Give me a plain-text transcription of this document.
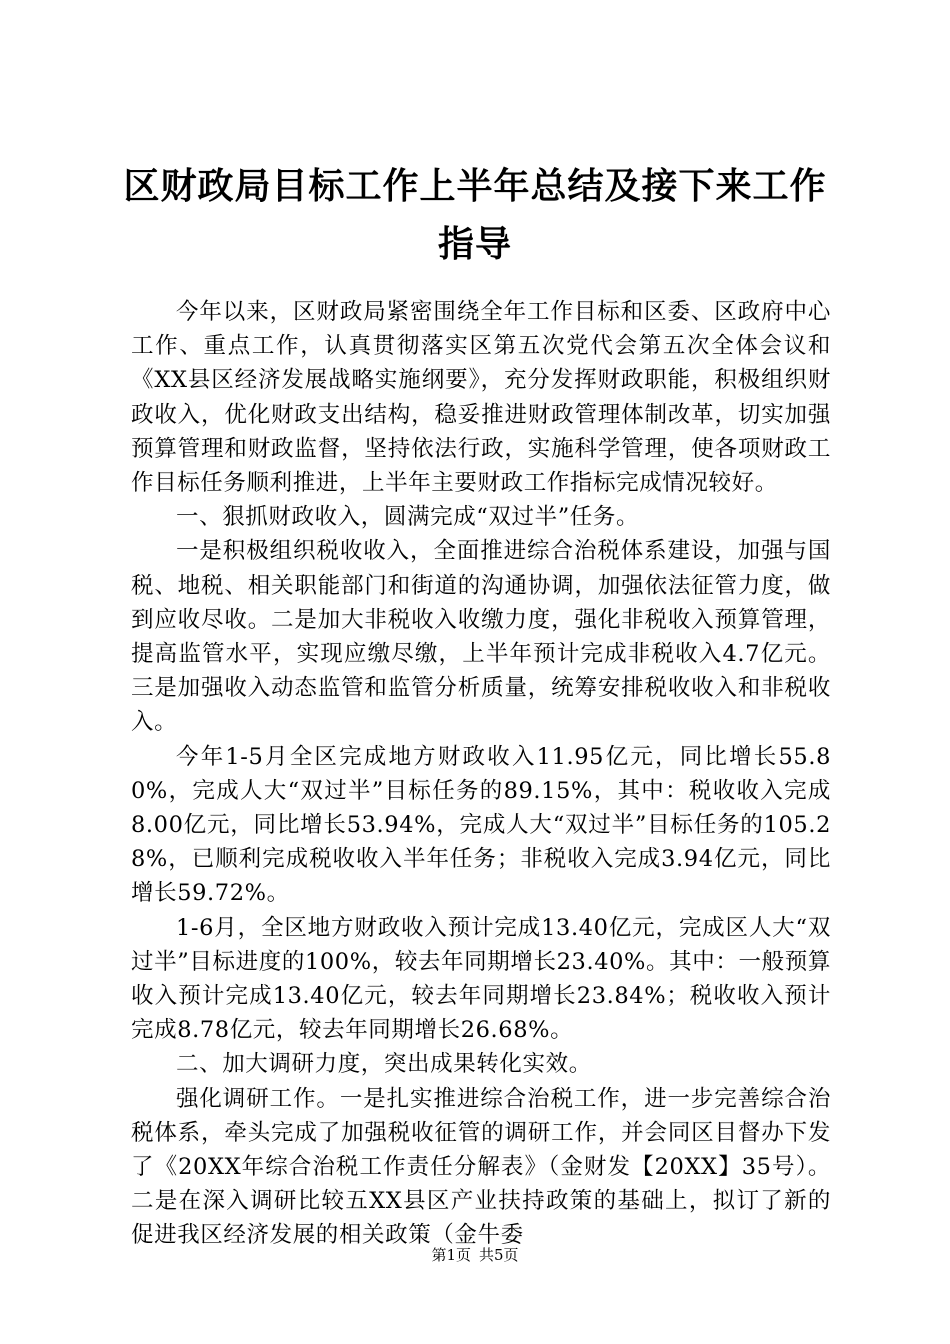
区财政局目标工作上半年总结及接下来工作指导

今年以来，区财政局紧密围绕全年工作目标和区委、区政府中心工作、重点工作，认真贯彻落实区第五次党代会第五次全体会议和《XX县区经济发展战略实施纲要》，充分发挥财政职能，积极组织财政收入，优化财政支出结构，稳妥推进财政管理体制改革，切实加强预算管理和财政监督，坚持依法行政，实施科学管理，使各项财政工作目标任务顺利推进，上半年主要财政工作指标完成情况较好。

一、狠抓财政收入，圆满完成“双过半”任务。

一是积极组织税收收入，全面推进综合治税体系建设，加强与国税、地税、相关职能部门和街道的沟通协调，加强依法征管力度，做到应收尽收。二是加大非税收入收缴力度，强化非税收入预算管理，提高监管水平，实现应缴尽缴，上半年预计完成非税收入4.7亿元。三是加强收入动态监管和监管分析质量，统筹安排税收收入和非税收入。

今年1-5月全区完成地方财政收入11.95亿元，同比增长55.80%，完成人大“双过半”目标任务的89.15%，其中：税收收入完成8.00亿元，同比增长53.94%，完成人大“双过半”目标任务的105.28%，已顺利完成税收收入半年任务；非税收入完成3.94亿元，同比增长59.72%。

1-6月，全区地方财政收入预计完成13.40亿元，完成区人大“双过半”目标进度的100%，较去年同期增长23.40%。其中：一般预算收入预计完成13.40亿元，较去年同期增长23.84%；税收收入预计完成8.78亿元，较去年同期增长26.68%。

二、加大调研力度，突出成果转化实效。

强化调研工作。一是扎实推进综合治税工作，进一步完善综合治税体系，牵头完成了加强税收征管的调研工作，并会同区目督办下发了《20XX年综合治税工作责任分解表》（金财发【20XX】35号）。二是在深入调研比较五XX县区产业扶持政策的基础上，拟订了新的促进我区经济发展的相关政策（金牛委

第1页 共5页
